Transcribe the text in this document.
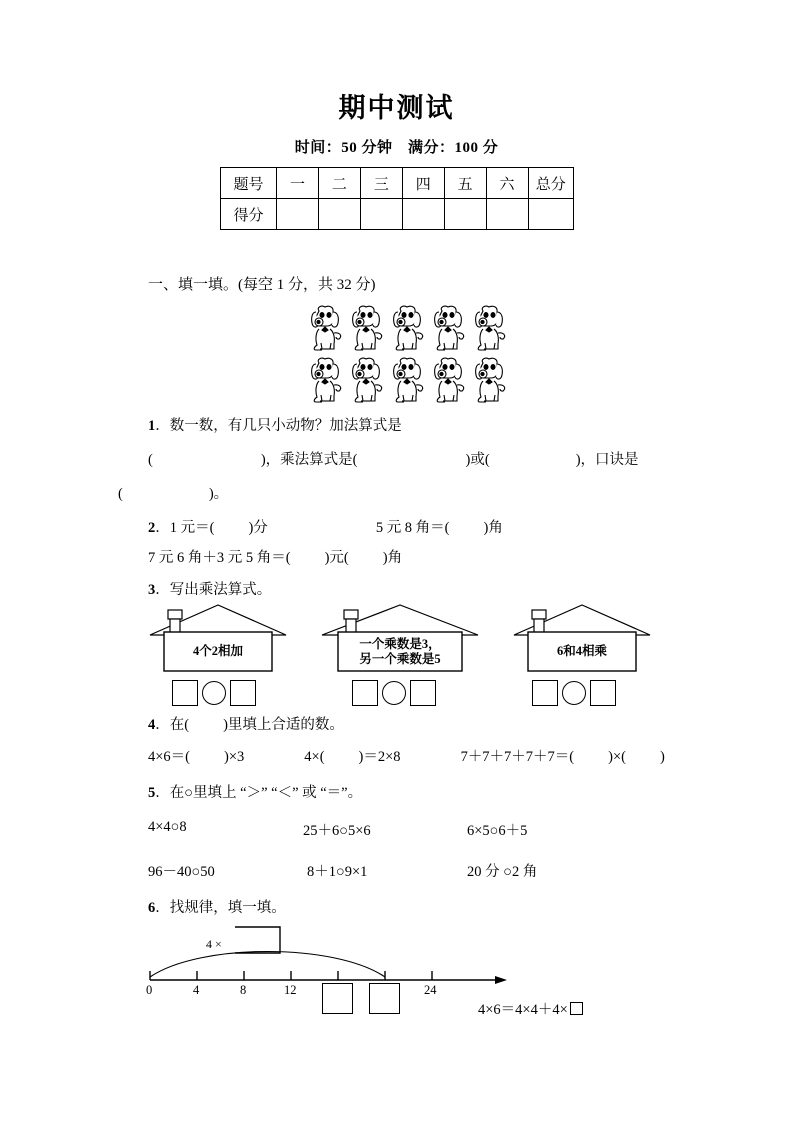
期中测试
时间：50 分钟　满分：100 分
题号	一	二	三	四	五	六	总分
得分							
一、填一填。(每空 1 分，共 32 分)
1．数一数，有几只小动物？加法算式是
(	)，乘法算式是(	)或(	)，口诀是
(	)。
2．1 元＝( )分	5 元 8 角＝( )角
7 元 6 角＋3 元 5 角＝( )元( )角
3．写出乘法算式。
4个2相加	一个乘数是3，
另一个乘数是5
6和4相乘
4．在( )里填上合适的数。
4×6＝( )×3	4×( )＝2×8	7＋7＋7＋7＋7＝( )×( )
5．在○里填上 “＞” “＜” 或 “＝”。
4×4○8	25＋6○5×6	6×5○6＋5
96－40○50	8＋1○9×1	20 分 ○2 角
6．找规律，填一填。
4 ×
0	4	8	12	24
4×6＝4×4＋4×
